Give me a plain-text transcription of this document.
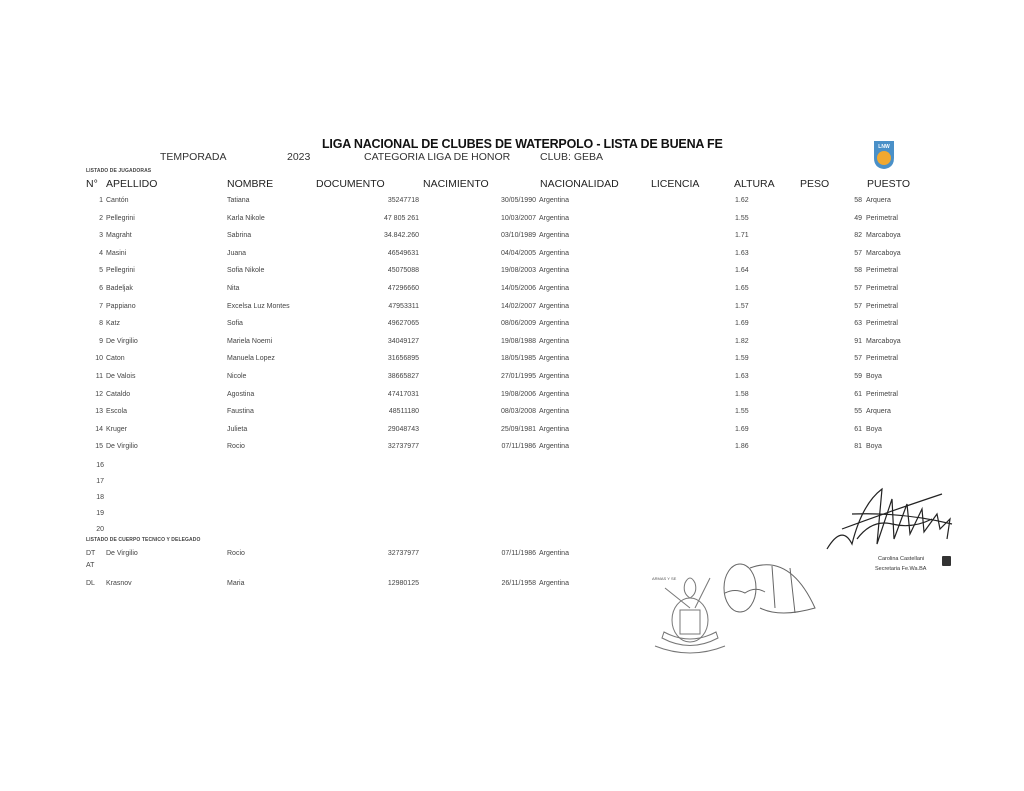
LIGA NACIONAL DE CLUBES DE WATERPOLO - LISTA DE BUENA FE
TEMPORADA	2023	CATEGORIA LIGA DE HONOR	CLUB: GEBA
LNW
LISTADO DE JUGADORAS
N° APELLIDO	NOMBRE	DOCUMENTO	NACIMIENTO	NACIONALIDAD	LICENCIA	ALTURA PESO	PUESTO
1 Cantón	Tatiana	35247718	30/05/1990 Argentina	1.62	58 Arquera
2 Pellegrini	Karla Nikole	47 805 261	10/03/2007 Argentina	1.55	49 Perimetral
3 Magraht	Sabrina	34.842.260	03/10/1989 Argentina	1.71	82 Marcaboya
4 Masini	Juana	46549631	04/04/2005 Argentina	1.63	57 Marcaboya
5 Pellegrini	Sofia Nikole	45075088	19/08/2003 Argentina	1.64	58 Perimetral
6 Badeljak	Nita	47296660	14/05/2006 Argentina	1.65	57 Perimetral
7 Pappiano	Excelsa Luz Montes	47953311	14/02/2007 Argentina	1.57	57 Perimetral
8 Katz	Sofia	49627065	08/06/2009 Argentina	1.69	63 Perimetral
9 De Virgilio	Mariela Noemi	34049127	19/08/1988 Argentina	1.82	91 Marcaboya
10 Caton	Manuela Lopez	31656895	18/05/1985 Argentina	1.59	57 Perimetral
11 De Valois	Nicole	38665827	27/01/1995 Argentina	1.63	59 Boya
12 Cataldo	Agostina	47417031	19/08/2006 Argentina	1.58	61 Perimetral
13 Escola	Faustina	48511180	08/03/2008 Argentina	1.55	55 Arquera
14 Kruger	Julieta	29048743	25/09/1981 Argentina	1.69	61 Boya
15 De Virgilio	Rocio	32737977	07/11/1986 Argentina	1.86	81 Boya
16
17
18
19
20
LISTADO DE CUERPO TECNICO Y DELEGADO
DT De Virgilio	Rocio	32737977	07/11/1986 Argentina
AT
DL Krasnov	Maria	12980125	26/11/1958 Argentina
ARMAS Y SE
Carolina Castellani
Secretaria Fe.Wa.BA
